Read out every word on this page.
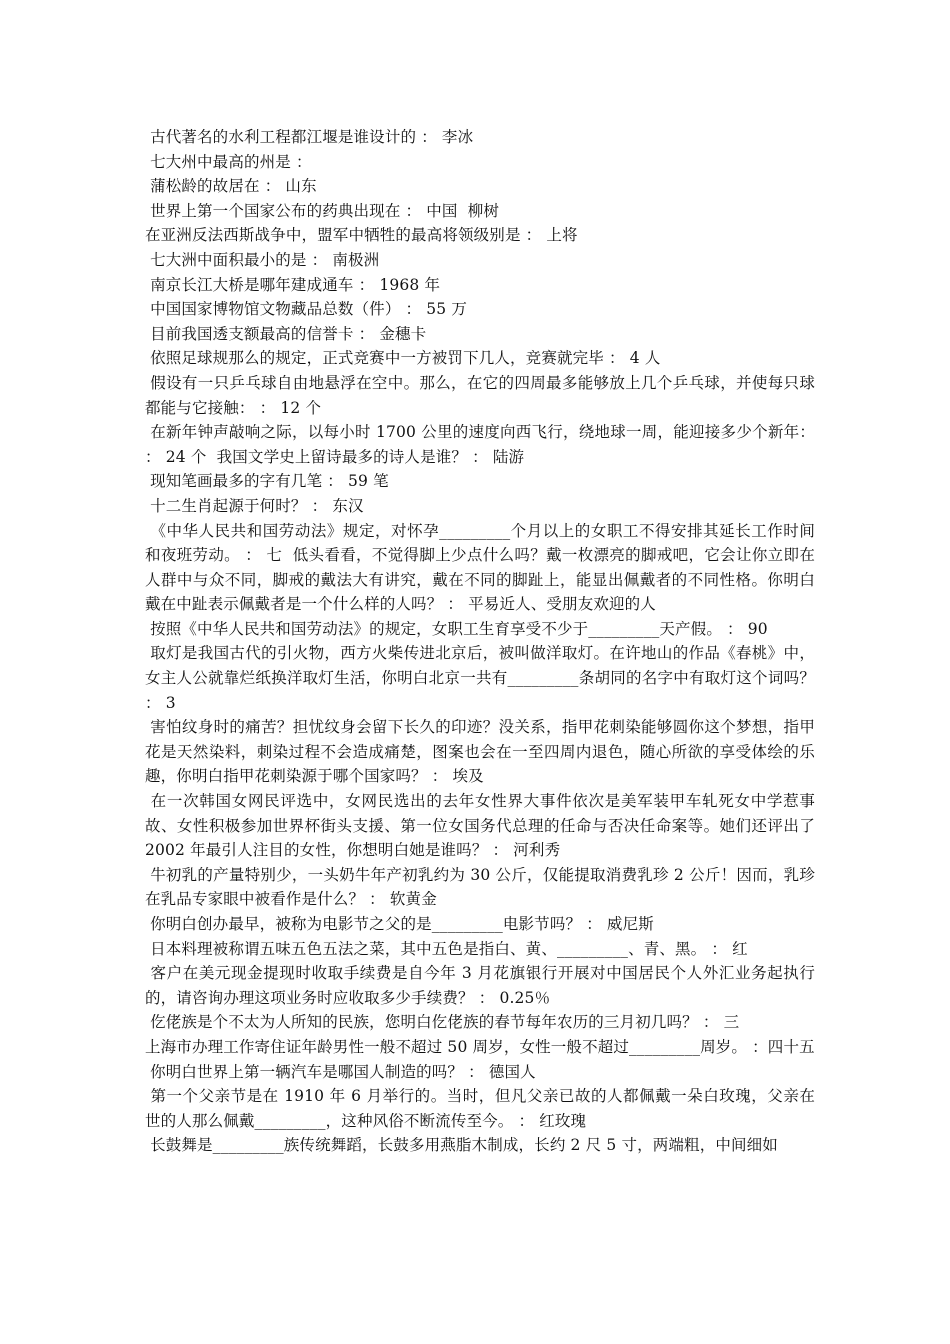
古代著名的水利工程都江堰是谁设计的 ： 李冰

七大州中最高的州是 ：

蒲松龄的故居在 ： 山东

世界上第一个国家公布的药典出现在 ： 中国  柳树

在亚洲反法西斯战争中，盟军中牺牲的最高将领级别是 ： 上将

七大洲中面积最小的是 ： 南极洲

南京长江大桥是哪年建成通车 ： 1968 年

中国国家博物馆文物藏品总数（件） ： 55 万

目前我国透支额最高的信誉卡 ： 金穗卡

依照足球规那么的规定，正式竞赛中一方被罚下几人，竞赛就完毕 ： 4 人

假设有一只乒乓球自由地悬浮在空中。那么，在它的四周最多能够放上几个乒乓球，并使每只球都能与它接触： ： 12 个

在新年钟声敲响之际，以每小时 1700 公里的速度向西飞行，绕地球一周，能迎接多少个新年： ： 24 个  我国文学史上留诗最多的诗人是谁？ ： 陆游

现知笔画最多的字有几笔 ： 59 笔

十二生肖起源于何时？ ： 东汉

《中华人民共和国劳动法》规定，对怀孕_________个月以上的女职工不得安排其延长工作时间和夜班劳动。 ： 七  低头看看，不觉得脚上少点什么吗？戴一枚漂亮的脚戒吧，它会让你立即在人群中与众不同，脚戒的戴法大有讲究，戴在不同的脚趾上，能显出佩戴者的不同性格。你明白戴在中趾表示佩戴者是一个什么样的人吗？ ： 平易近人、受朋友欢迎的人

按照《中华人民共和国劳动法》的规定，女职工生育享受不少于_________天产假。 ： 90

取灯是我国古代的引火物，西方火柴传进北京后，被叫做洋取灯。在许地山的作品《春桃》中，女主人公就靠烂纸换洋取灯生活，你明白北京一共有_________条胡同的名字中有取灯这个词吗？ ： 3

害怕纹身时的痛苦？担忧纹身会留下长久的印迹？没关系，指甲花刺染能够圆你这个梦想，指甲花是天然染料，刺染过程不会造成痛楚，图案也会在一至四周内退色，随心所欲的享受体绘的乐趣，你明白指甲花刺染源于哪个国家吗？ ： 埃及

在一次韩国女网民评选中，女网民选出的去年女性界大事件依次是美军装甲车轧死女中学惹事故、女性积极参加世界杯街头支援、第一位女国务代总理的任命与否决任命案等。她们还评出了 2002 年最引人注目的女性，你想明白她是谁吗？ ： 河利秀

牛初乳的产量特别少，一头奶牛年产初乳约为 30 公斤，仅能提取消费乳珍 2 公斤！因而，乳珍在乳品专家眼中被看作是什么？ ： 软黄金

你明白创办最早，被称为电影节之父的是_________电影节吗？ ： 威尼斯

日本料理被称谓五味五色五法之菜，其中五色是指白、黄、_________、青、黑。 ： 红

客户在美元现金提现时收取手续费是自今年 3 月花旗银行开展对中国居民个人外汇业务起执行的，请咨询办理这项业务时应收取多少手续费？ ： 0.25％

仡佬族是个不太为人所知的民族，您明白仡佬族的春节每年农历的三月初几吗？ ： 三

上海市办理工作寄住证年龄男性一般不超过 50 周岁，女性一般不超过_________周岁。 ：四十五

你明白世界上第一辆汽车是哪国人制造的吗？ ： 德国人

第一个父亲节是在 1910 年 6 月举行的。当时，但凡父亲已故的人都佩戴一朵白玫瑰，父亲在世的人那么佩戴_________，这种风俗不断流传至今。 ： 红玫瑰

长鼓舞是_________族传统舞蹈，长鼓多用燕脂木制成，长约 2 尺 5 寸，两端粗，中间细如
